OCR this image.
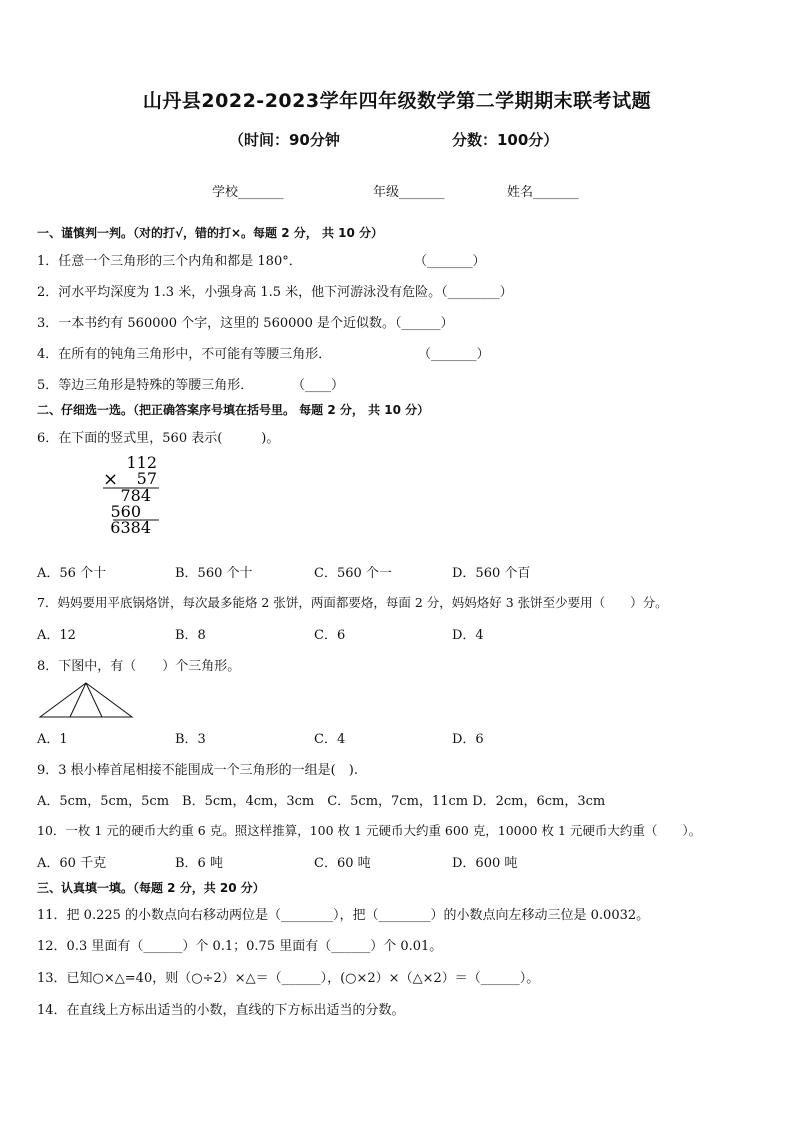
山丹县2022-2023学年四年级数学第二学期期末联考试题
（时间：90分钟	分数：100分）
学校_______	年级_______	姓名_______
一、谨慎判一判。（对的打√，错的打×。每题 2 分， 共 10 分）
1．任意一个三角形的三个内角和都是 180°．	（_______）
2．河水平均深度为 1.3 米，小强身高 1.5 米，他下河游泳没有危险。（________）
3．一本书约有 560000 个字，这里的 560000 是个近似数。（______）
4．在所有的钝角三角形中，不可能有等腰三角形．	（_______）
5．等边三角形是特殊的等腰三角形．	（____）
二、仔细选一选。（把正确答案序号填在括号里。 每题 2 分， 共 10 分）
6．在下面的竖式里，560 表示(　　　)。
112
× 57
784
560
6384
A．56 个十	B．560 个十	C．560 个一	D．560 个百
7．妈妈要用平底锅烙饼，每次最多能烙 2 张饼，两面都要烙，每面 2 分，妈妈烙好 3 张饼至少要用（　　）分。
A．12	B．8	C．6	D．4
8．下图中，有（　　）个三角形。
A．1	B．3	C．4	D．6
9．3 根小棒首尾相接不能围成一个三角形的一组是(　).
A．5cm，5cm，5cm　B．5cm，4cm，3cm　C．5cm，7cm，11cm D．2cm，6cm，3cm
10．一枚 1 元的硬币大约重 6 克。照这样推算，100 枚 1 元硬币大约重 600 克，10000 枚 1 元硬币大约重（　　）。
A．60 千克	B．6 吨	C．60 吨	D．600 吨
三、认真填一填。（每题 2 分，共 20 分）
11．把 0.225 的小数点向右移动两位是（________），把（________）的小数点向左移动三位是 0.0032。
12．0.3 里面有（______）个 0.1；0.75 里面有（______）个 0.01。
13．已知○×△=40，则（○÷2）×△＝（______），(○×2）×（△×2）＝（______）。
14．在直线上方标出适当的小数，直线的下方标出适当的分数。
